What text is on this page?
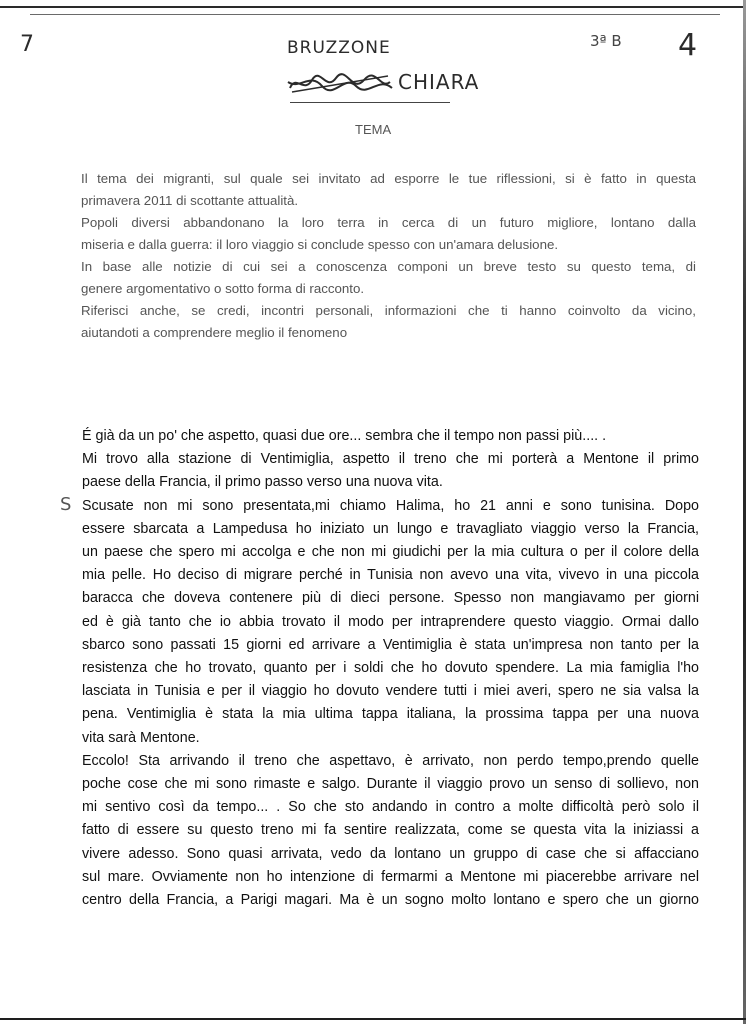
7	BRUZZONE
CHIARA
3ª B 4
TEMA
Il tema dei migranti, sul quale sei invitato ad esporre le tue riflessioni, si è fatto in questa
primavera 2011 di scottante attualità.
Popoli diversi abbandonano la loro terra in cerca di un futuro migliore, lontano dalla
miseria e dalla guerra: il loro viaggio si conclude spesso con un'amara delusione.
In base alle notizie di cui sei a conoscenza componi un breve testo su questo tema, di
genere argomentativo o sotto forma di racconto.
Riferisci anche, se credi, incontri personali, informazioni che ti hanno coinvolto da vicino,
aiutandoti a comprendere meglio il fenomeno
S
É già da un po' che aspetto, quasi due ore... sembra che il tempo non passi più.... .
Mi trovo alla stazione di Ventimiglia, aspetto il treno che mi porterà a Mentone il primo
paese della Francia, il primo passo verso una nuova vita.
Scusate non mi sono presentata,mi chiamo Halima, ho 21 anni e sono tunisina. Dopo
essere sbarcata a Lampedusa ho iniziato un lungo e travagliato viaggio verso la Francia,
un paese che spero mi accolga e che non mi giudichi per la mia cultura o per il colore della
mia pelle. Ho deciso di migrare perché in Tunisia non avevo una vita, vivevo in una piccola
baracca che doveva contenere più di dieci persone. Spesso non mangiavamo per giorni
ed è già tanto che io abbia trovato il modo per intraprendere questo viaggio. Ormai dallo
sbarco sono passati 15 giorni ed arrivare a Ventimiglia è stata un'impresa non tanto per la
resistenza che ho trovato, quanto per i soldi che ho dovuto spendere. La mia famiglia l'ho
lasciata in Tunisia e per il viaggio ho dovuto vendere tutti i miei averi, spero ne sia valsa la
pena. Ventimiglia è stata la mia ultima tappa italiana, la prossima tappa per una nuova
vita sarà Mentone.
Eccolo! Sta arrivando il treno che aspettavo, è arrivato, non perdo tempo,prendo quelle
poche cose che mi sono rimaste e salgo. Durante il viaggio provo un senso di sollievo, non
mi sentivo così da tempo... . So che sto andando in contro a molte difficoltà però solo il
fatto di essere su questo treno mi fa sentire realizzata, come se questa vita la iniziassi a
vivere adesso. Sono quasi arrivata, vedo da lontano un gruppo di case che si affacciano
sul mare. Ovviamente non ho intenzione di fermarmi a Mentone mi piacerebbe arrivare nel
centro della Francia, a Parigi magari. Ma è un sogno molto lontano e spero che un giorno
